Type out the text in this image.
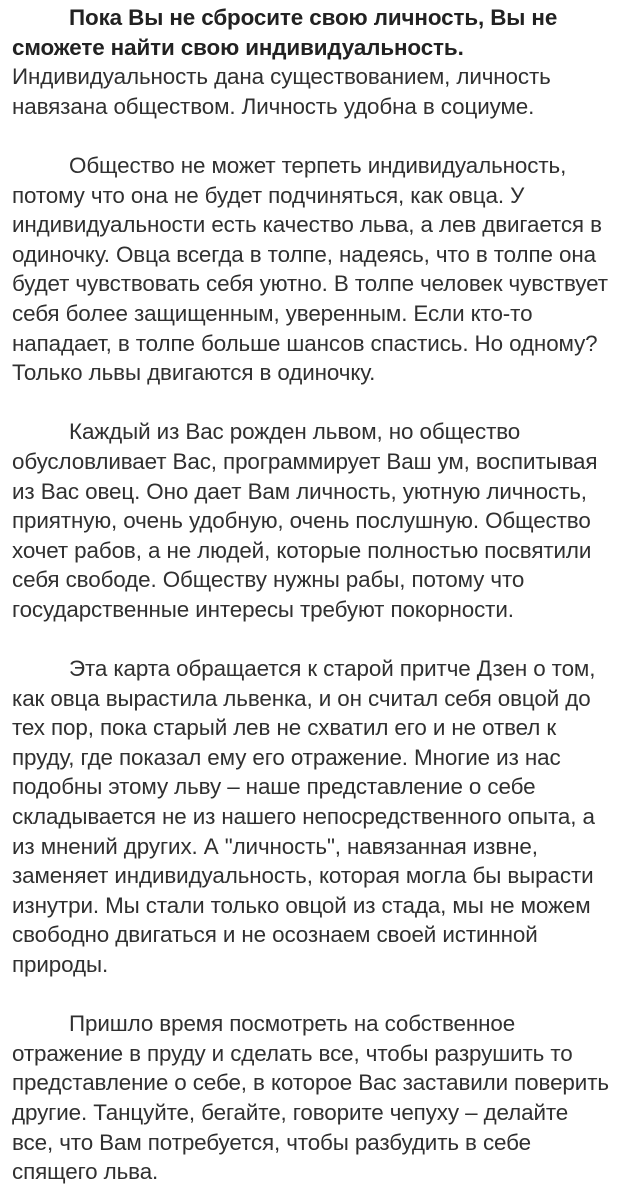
Пока Вы не сбросите свою личность, Вы не сможете найти свою индивидуальность. Индивидуальность дана существованием, личность навязана обществом. Личность удобна в социуме.

Общество не может терпеть индивидуальность, потому что она не будет подчиняться, как овца. У индивидуальности есть качество льва, а лев двигается в одиночку. Овца всегда в толпе, надеясь, что в толпе она будет чувствовать себя уютно. В толпе человек чувствует себя более защищенным, уверенным. Если кто-то нападает, в толпе больше шансов спастись. Но одному? Только львы двигаются в одиночку.

Каждый из Вас рожден львом, но общество обусловливает Вас, программирует Ваш ум, воспитывая из Вас овец. Оно дает Вам личность, уютную личность, приятную, очень удобную, очень послушную. Общество хочет рабов, а не людей, которые полностью посвятили себя свободе. Обществу нужны рабы, потому что государственные интересы требуют покорности.

Эта карта обращается к старой притче Дзен о том, как овца вырастила львенка, и он считал себя овцой до тех пор, пока старый лев не схватил его и не отвел к пруду, где показал ему его отражение. Многие из нас подобны этому льву – наше представление о себе складывается не из нашего непосредственного опыта, а из мнений других. А "личность", навязанная извне, заменяет индивидуальность, которая могла бы вырасти изнутри. Мы стали только овцой из стада, мы не можем свободно двигаться и не осознаем своей истинной природы.

Пришло время посмотреть на собственное отражение в пруду и сделать все, чтобы разрушить то представление о себе, в которое Вас заставили поверить другие. Танцуйте, бегайте, говорите чепуху – делайте все, что Вам потребуется, чтобы разбудить в себе спящего льва.
